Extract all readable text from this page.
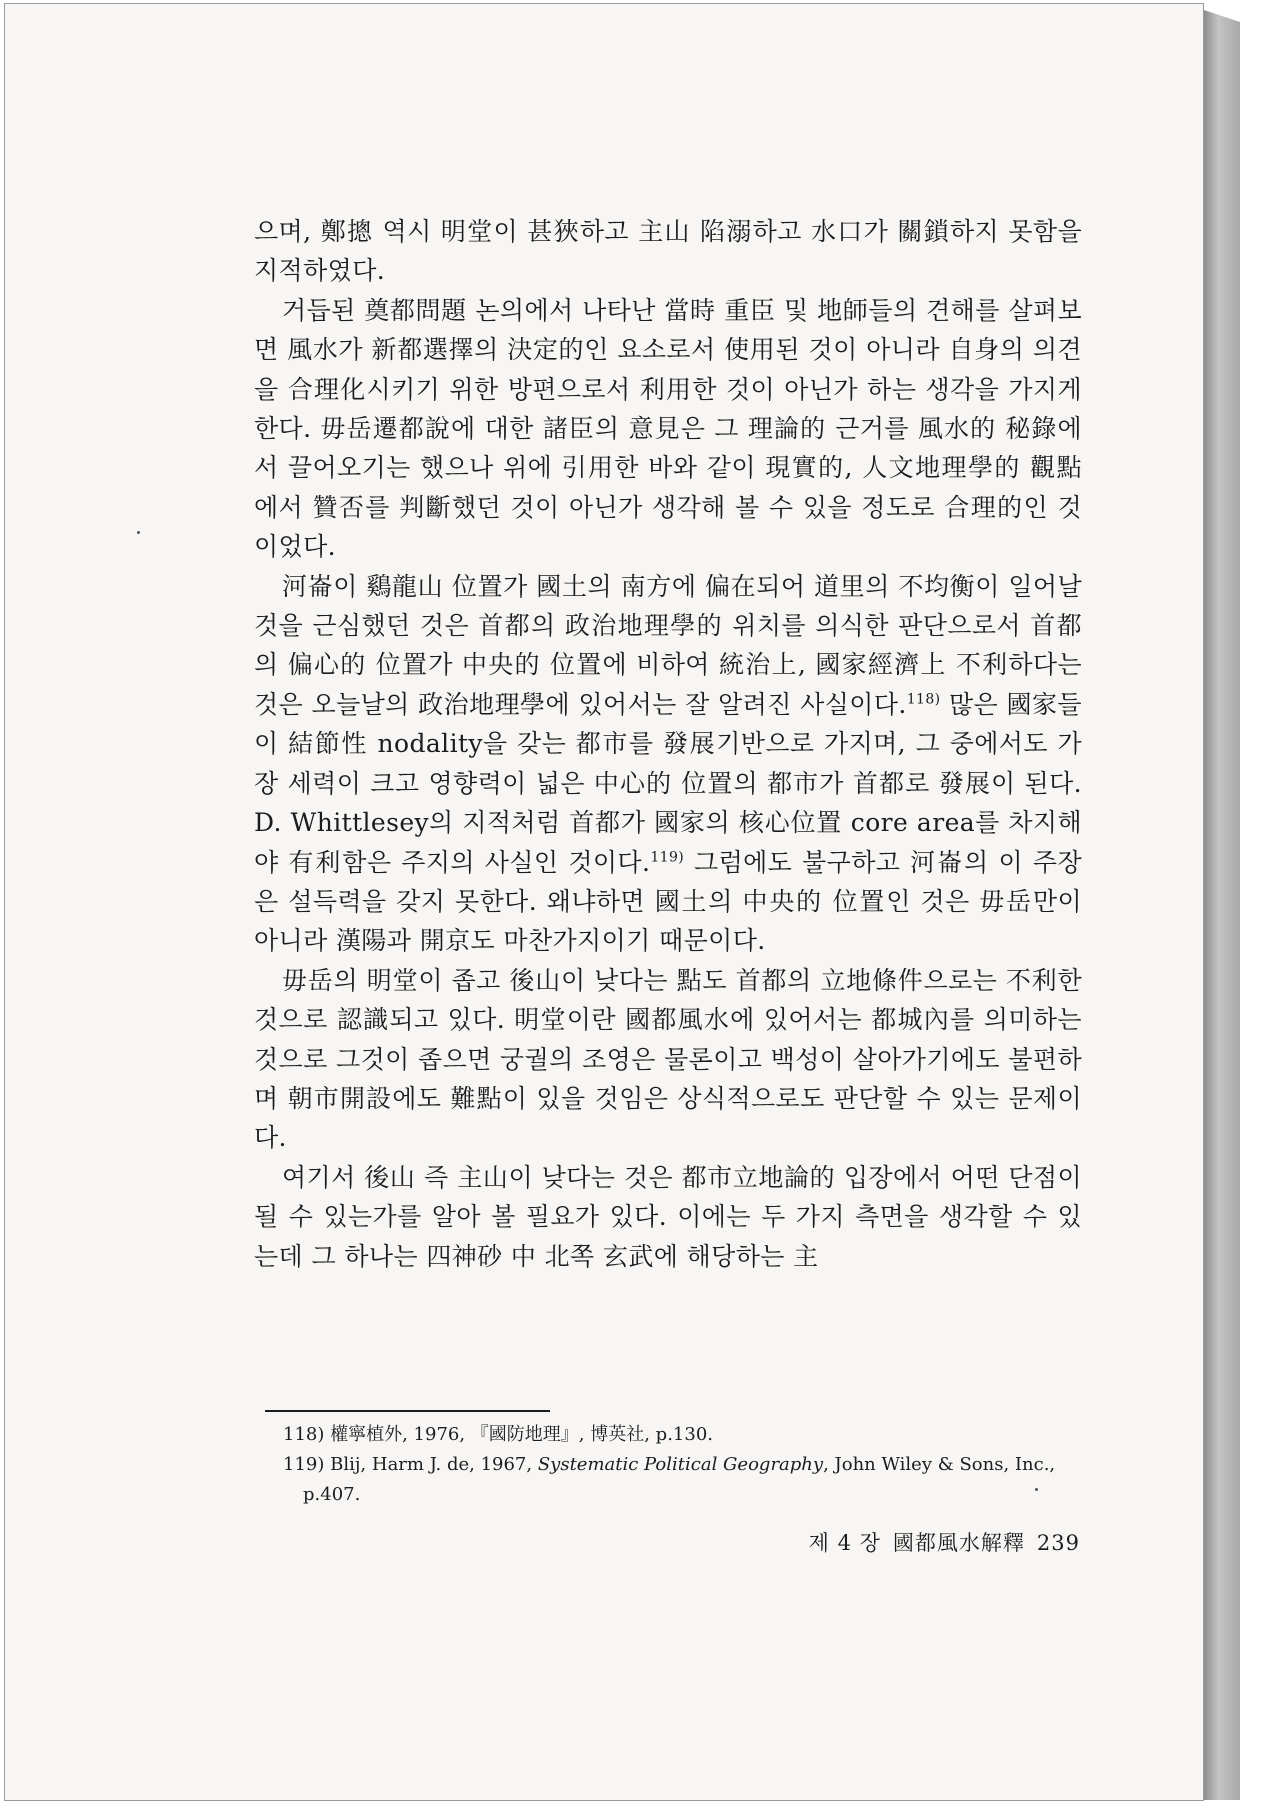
으며, 鄭摠 역시 明堂이 甚狹하고 主山 陷溺하고 水口가 關鎖하지 못함을 지적하였다.

거듭된 奠都問題 논의에서 나타난 當時 重臣 및 地師들의 견해를 살펴보면 風水가 新都選擇의 決定的인 요소로서 使用된 것이 아니라 自身의 의견을 合理化시키기 위한 방편으로서 利用한 것이 아닌가 하는 생각을 가지게 한다. 毋岳遷都說에 대한 諸臣의 意見은 그 理論的 근거를 風水的 秘錄에서 끌어오기는 했으나 위에 引用한 바와 같이 現實的, 人文地理學的 觀點에서 贊否를 判斷했던 것이 아닌가 생각해 볼 수 있을 정도로 合理的인 것이었다.

河崙이 鷄龍山 位置가 國土의 南方에 偏在되어 道里의 不均衡이 일어날 것을 근심했던 것은 首都의 政治地理學的 위치를 의식한 판단으로서 首都의 偏心的 位置가 中央的 位置에 비하여 統治上, 國家經濟上 不利하다는 것은 오늘날의 政治地理學에 있어서는 잘 알려진 사실이다.$^{118)}$ 많은 國家들이 結節性 nodality을 갖는 都市를 發展기반으로 가지며, 그 중에서도 가장 세력이 크고 영향력이 넓은 中心的 位置의 都市가 首都로 發展이 된다. D. Whittlesey의 지적처럼 首都가 國家의 核心位置 core area를 차지해야 有利함은 주지의 사실인 것이다.$^{119)}$ 그럼에도 불구하고 河崙의 이 주장은 설득력을 갖지 못한다. 왜냐하면 國土의 中央的 位置인 것은 毋岳만이 아니라 漢陽과 開京도 마찬가지이기 때문이다.

毋岳의 明堂이 좁고 後山이 낮다는 點도 首都의 立地條件으로는 不利한 것으로 認識되고 있다. 明堂이란 國都風水에 있어서는 都城內를 의미하는 것으로 그것이 좁으면 궁궐의 조영은 물론이고 백성이 살아가기에도 불편하며 朝市開設에도 難點이 있을 것임은 상식적으로도 판단할 수 있는 문제이다.

여기서 後山 즉 主山이 낮다는 것은 都市立地論的 입장에서 어떤 단점이 될 수 있는가를 알아 볼 필요가 있다. 이에는 두 가지 측면을 생각할 수 있는데 그 하나는 四神砂 中 北쪽 玄武에 해당하는 主

118) 權寧植外, 1976, 『國防地理』, 博英社, p.130.

119) Blij, Harm J. de, 1967, Systematic Political Geography, John Wiley & Sons, Inc., p.407.

제 4 장 國都風水解釋 239
